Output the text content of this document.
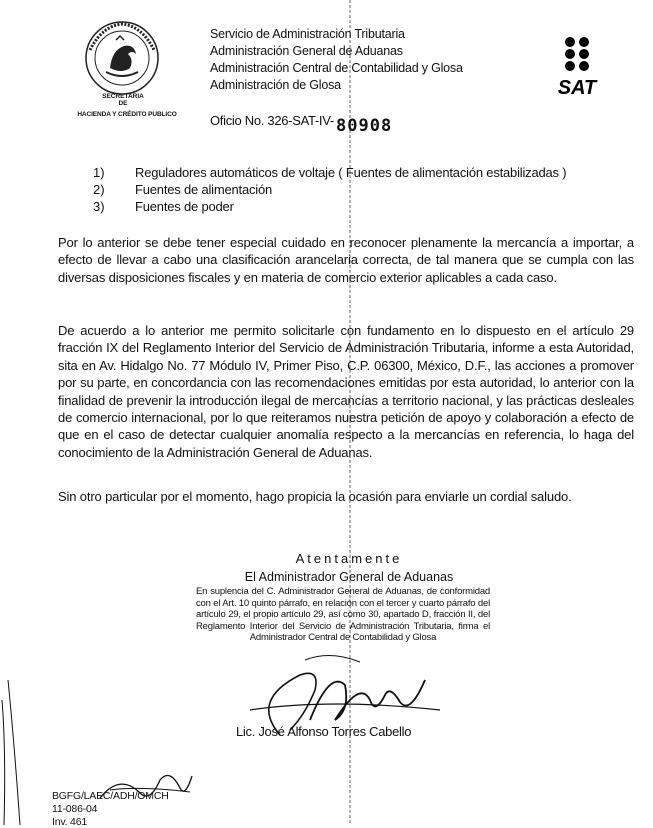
SECRETARIA
DE
HACIENDA Y CRÉDITO PUBLICO
Servicio de Administración Tributaria
Administración General de Aduanas
Administración Central de Contabilidad y Glosa
Administración de Glosa	SAT
Oficio No. 326-SAT-IV- 80908
1) Reguladores automáticos de voltaje ( Fuentes de alimentación estabilizadas )
2) Fuentes de alimentación
3) Fuentes de poder
Por lo anterior se debe tener especial cuidado en reconocer plenamente la mercancía a importar, a efecto de llevar a cabo una clasificación arancelaria correcta, de tal manera que se cumpla con las diversas disposiciones fiscales y en materia de comercio exterior aplicables a cada caso.
De acuerdo a lo anterior me permito solicitarle con fundamento en lo dispuesto en el artículo 29 fracción IX del Reglamento Interior del Servicio de Administración Tributaria, informe a esta Autoridad, sita en Av. Hidalgo No. 77 Módulo IV, Primer Piso, C.P. 06300, México, D.F., las acciones a promover por su parte, en concordancia con las recomendaciones emitidas por esta autoridad, lo anterior con la finalidad de prevenir la introducción ilegal de mercancías a territorio nacional, y las prácticas desleales de comercio internacional, por lo que reiteramos nuestra petición de apoyo y colaboración a efecto de que en el caso de detectar cualquier anomalía respecto a la mercancías en referencia, lo haga del conocimiento de la Administración General de Aduanas.
Sin otro particular por el momento, hago propicia la ocasión para enviarle un cordial saludo.
Atentamente
El Administrador General de Aduanas
En suplencia del C. Administrador General de Aduanas, de conformidad con el Art. 10 quinto párrafo, en relación con el tercer y cuarto párrafo del artículo 29, el propio artículo 29, así como 30, apartado D, fracción II, del Reglamento Interior del Servicio de Administración Tributaria, firma el Administrador Central de Contabilidad y Glosa
Lic. José Alfonso Torres Cabello
BGFG/LAEC/ADH/OMCH
11-086-04
Inv. 461
